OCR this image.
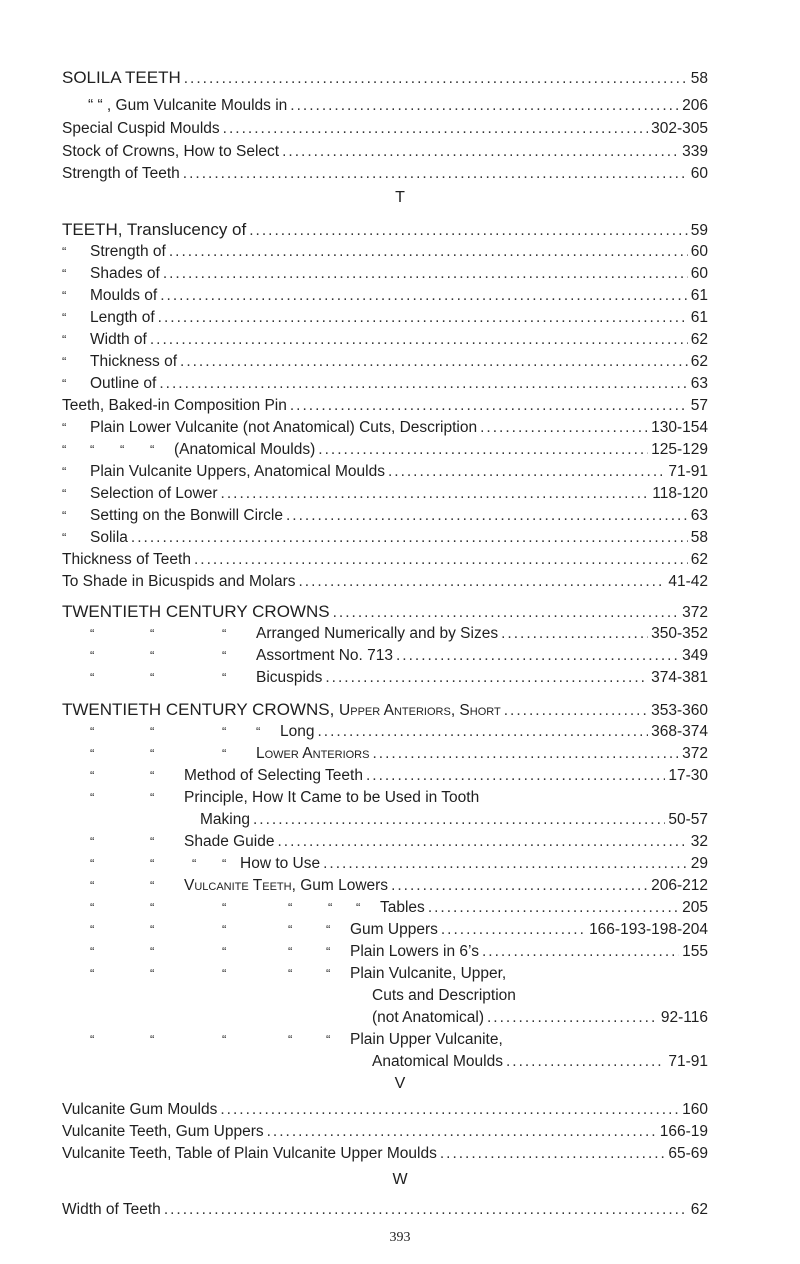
SOLILA TEETH .....	58
“ “ , Gum Vulcanite Moulds in .....	206
Special Cuspid Moulds .....	302-305
Stock of Crowns, How to Select .....	339
Strength of Teeth .....	60
T
TEETH, Translucency of .....	59
“ Strength of .....	60
“ Shades of .....	60
“ Moulds of .....	61
“ Length of .....	61
“ Width of .....	62
“ Thickness of .....	62
“ Outline of .....	63
Teeth, Baked-in Composition Pin .....	57
“ Plain Lower Vulcanite (not Anatomical) Cuts, Description .....	130-154
“ “ “ “ (Anatomical Moulds) .....	125-129
“ Plain Vulcanite Uppers, Anatomical Moulds .....	71-91
“ Selection of Lower .....	118-120
“ Setting on the Bonwill Circle .....	63
“ Solila .....	58
Thickness of Teeth .....	62
To Shade in Bicuspids and Molars .....	41-42
TWENTIETH CENTURY CROWNS .....	372
“	“	“ Arranged Numerically and by Sizes .....	350-352
“	“	“ Assortment No. 713 .....	349
“	“	“ Bicuspids .....	374-381
TWENTIETH CENTURY CROWNS, Upper Anteriors, Short .....	353-360
“	“	“ “ Long .....	368-374
“	“	“ Lower Anteriors .....	372
“	“ Method of Selecting Teeth .....	17-30
“	“ Principle, How It Came to be Used in Tooth
Making .....	50-57
“	“ Shade Guide .....	32
“	“	“ “ How to Use .....	29
“	“ Vulcanite Teeth , Gum Lowers .....	206-212
“	“	“	“	“ “ Tables .....	205
“	“	“	“	“ Gum Uppers .....	166-193-198-204
“	“	“	“	“ Plain Lowers in 6’s .....	155
“	“	“	“	“ Plain Vulcanite, Upper,
Cuts and Description
(not Anatomical) .....	92-116
“	“	“	“	“ Plain Upper Vulcanite,
Anatomical Moulds .....	71-91
V
Vulcanite Gum Moulds .....	160
Vulcanite Teeth, Gum Uppers .....	166-19
Vulcanite Teeth, Table of Plain Vulcanite Upper Moulds .....	65-69
W
Width of Teeth .....	62
393
